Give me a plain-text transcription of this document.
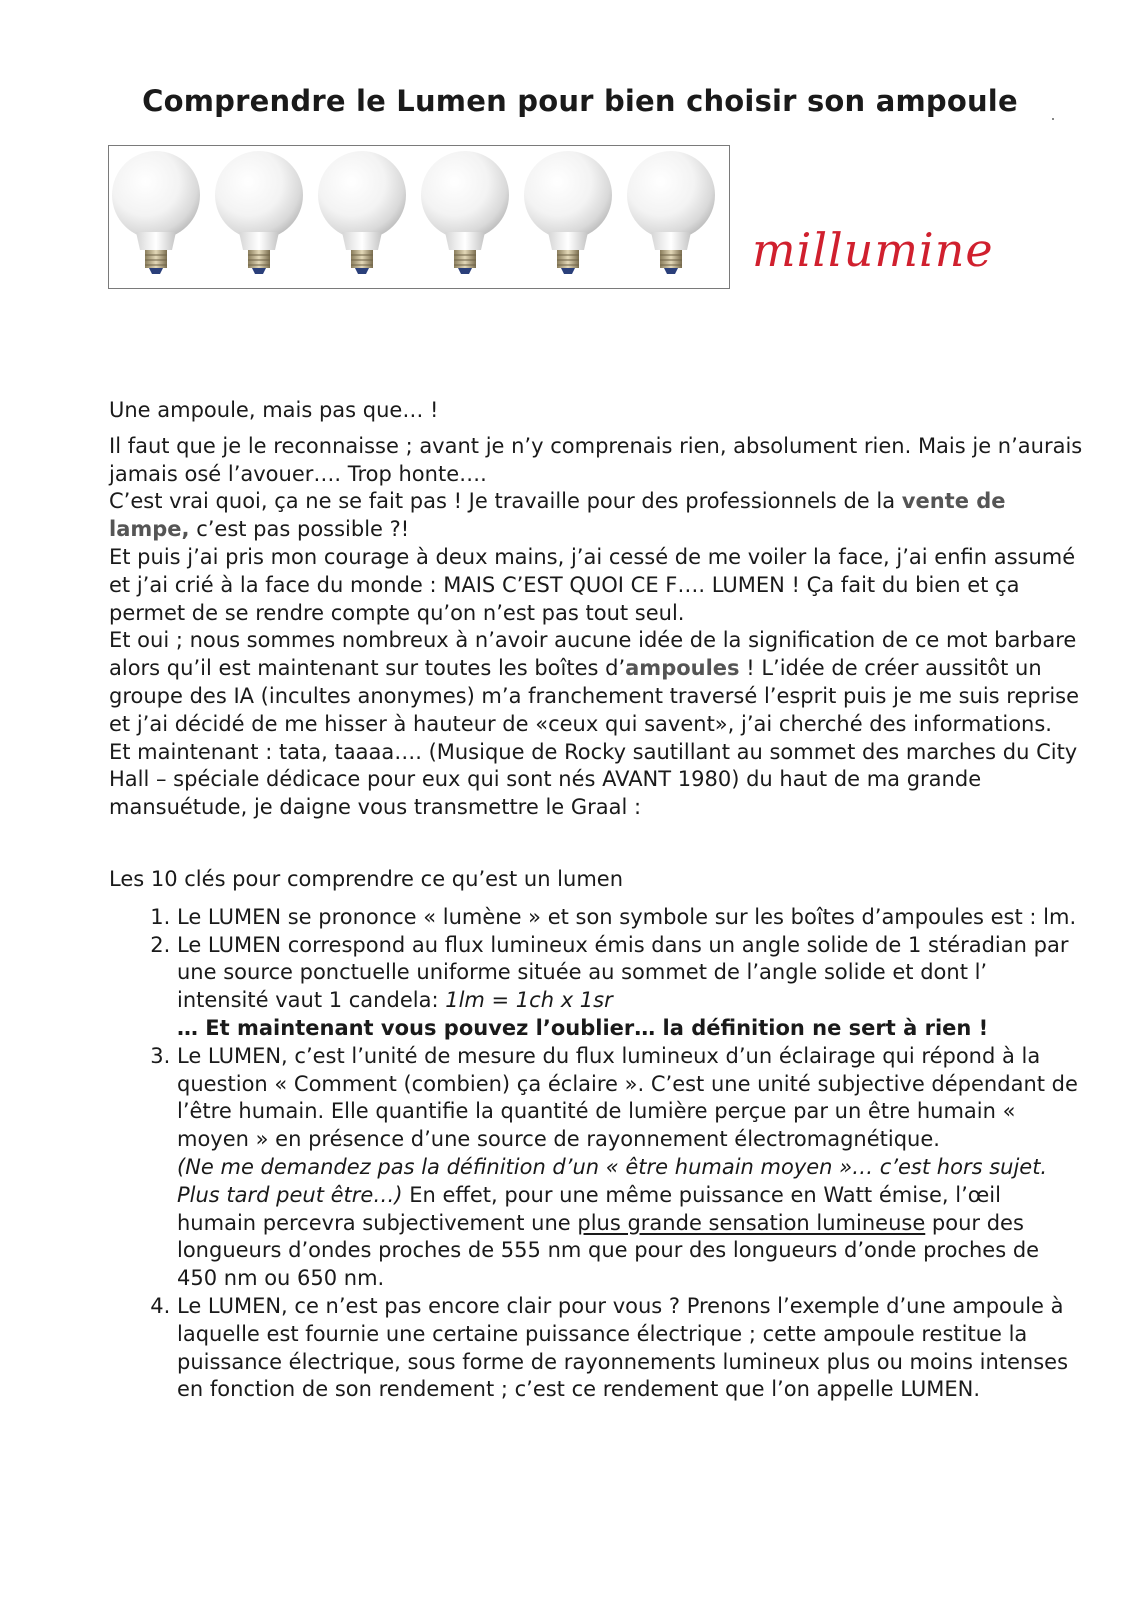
Comprendre le Lumen pour bien choisir son ampoule
millumine

Une ampoule, mais pas que… !

Il faut que je le reconnaisse ; avant je n’y comprenais rien, absolument rien. Mais je n’aurais jamais osé l’avouer…. Trop honte….

C’est vrai quoi, ça ne se fait pas ! Je travaille pour des professionnels de la vente de lampe, c’est pas possible ?!

Et puis j’ai pris mon courage à deux mains, j’ai cessé de me voiler la face, j’ai enfin assumé et j’ai crié à la face du monde : MAIS C’EST QUOI CE F…. LUMEN ! Ça fait du bien et ça permet de se rendre compte qu’on n’est pas tout seul.

Et oui ; nous sommes nombreux à n’avoir aucune idée de la signification de ce mot barbare alors qu’il est maintenant sur toutes les boîtes d’ampoules ! L’idée de créer aussitôt un groupe des IA (incultes anonymes) m’a franchement traversé l’esprit puis je me suis reprise et j’ai décidé de me hisser à hauteur de «ceux qui savent», j’ai cherché des informations.

Et maintenant : tata, taaaa…. (Musique de Rocky sautillant au sommet des marches du City Hall – spéciale dédicace pour eux qui sont nés AVANT 1980) du haut de ma grande mansuétude, je daigne vous transmettre le Graal :

Les 10 clés pour comprendre ce qu’est un lumen

1. Le LUMEN se prononce « lumène » et son symbole sur les boîtes d’ampoules est : lm.
2. Le LUMEN correspond au flux lumineux émis dans un angle solide de 1 stéradian par une source ponctuelle uniforme située au sommet de l’angle solide et dont l’ intensité vaut 1 candela: 1lm = 1ch x 1sr
… Et maintenant vous pouvez l’oublier… la définition ne sert à rien !
3. Le LUMEN, c’est l’unité de mesure du flux lumineux d’un éclairage qui répond à la question « Comment (combien) ça éclaire ». C’est une unité subjective dépendant de l’être humain. Elle quantifie la quantité de lumière perçue par un être humain « moyen » en présence d’une source de rayonnement électromagnétique.
(Ne me demandez pas la définition d’un « être humain moyen »… c’est hors sujet. Plus tard peut être…) En effet, pour une même puissance en Watt émise, l’œil humain percevra subjectivement une plus grande sensation lumineuse pour des longueurs d’ondes proches de 555 nm que pour des longueurs d’onde proches de 450 nm ou 650 nm.
4. Le LUMEN, ce n’est pas encore clair pour vous ? Prenons l’exemple d’une ampoule à laquelle est fournie une certaine puissance électrique ; cette ampoule restitue la puissance électrique, sous forme de rayonnements lumineux plus ou moins intenses en fonction de son rendement ; c’est ce rendement que l’on appelle LUMEN.
